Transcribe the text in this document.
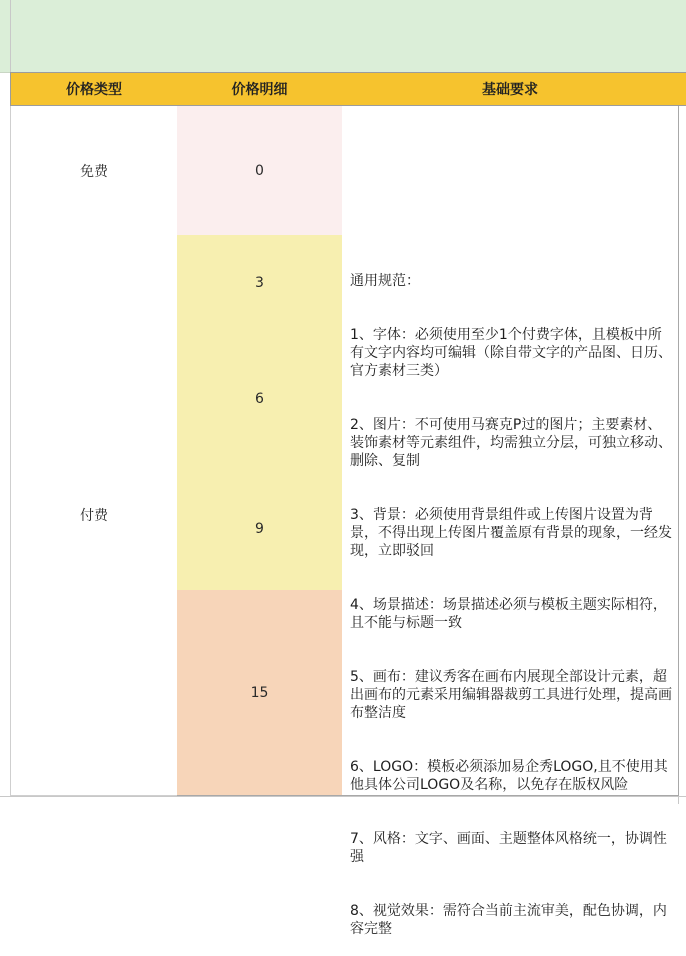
价格类型	价格明细	基础要求
免费
付费
0
3
6
9
15

通用规范：

1、字体：必须使用至少1个付费字体，且模板中所有文字内容均可编辑（除自带文字的产品图、日历、官方素材三类）

2、图片：不可使用马赛克P过的图片；主要素材、装饰素材等元素组件，均需独立分层，可独立移动、删除、复制

3、背景：必须使用背景组件或上传图片设置为背景，不得出现上传图片覆盖原有背景的现象，一经发现，立即驳回

4、场景描述：场景描述必须与模板主题实际相符，且不能与标题一致

5、画布：建议秀客在画布内展现全部设计元素，超出画布的元素采用编辑器裁剪工具进行处理，提高画布整洁度

6、LOGO：模板必须添加易企秀LOGO,且不使用其他具体公司LOGO及名称，以免存在版权风险

7、风格：文字、画面、主题整体风格统一，协调性强

8、视觉效果：需符合当前主流审美，配色协调，内容完整
